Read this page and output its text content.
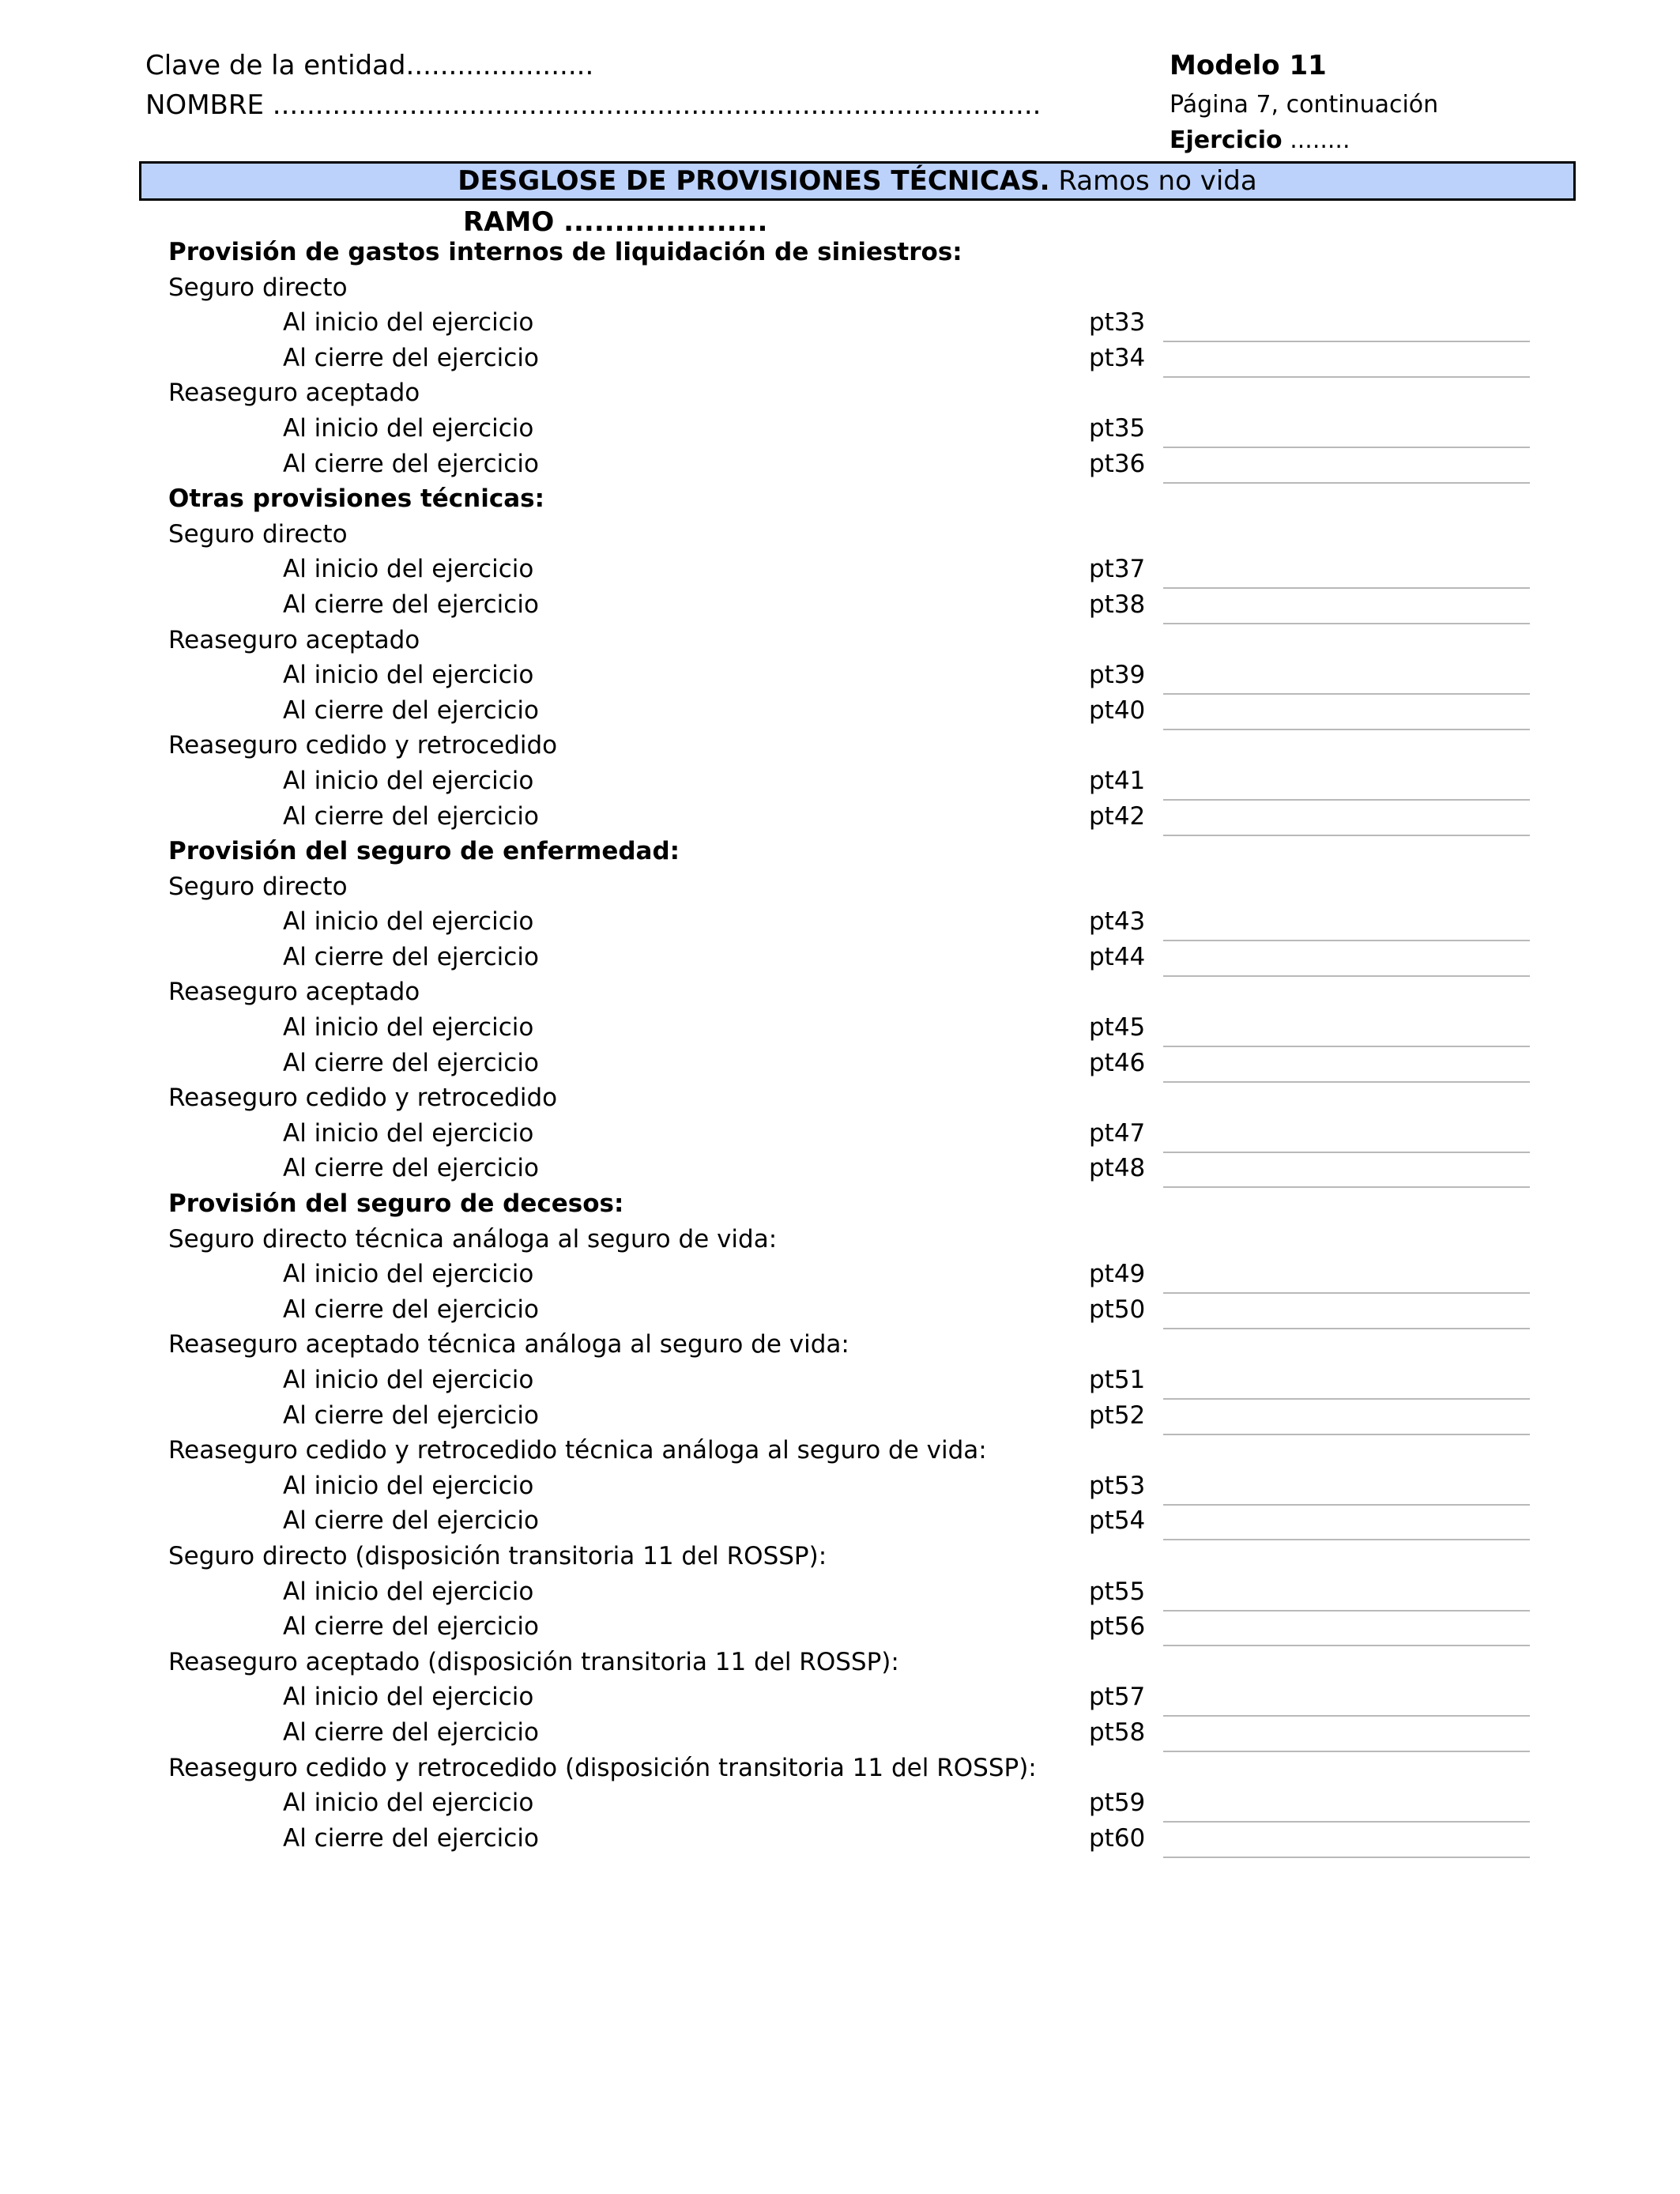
Clave de la entidad......................
NOMBRE ..........................................................................................
Modelo 11
Página 7, continuación
Ejercicio ........
DESGLOSE DE PROVISIONES TÉCNICAS. Ramos no vida
RAMO ....................
Provisión de gastos internos de liquidación de siniestros:
Seguro directo
Al inicio del ejercicio	pt33
Al cierre del ejercicio	pt34
Reaseguro aceptado
Al inicio del ejercicio	pt35
Al cierre del ejercicio	pt36
Otras provisiones técnicas:
Seguro directo
Al inicio del ejercicio	pt37
Al cierre del ejercicio	pt38
Reaseguro aceptado
Al inicio del ejercicio	pt39
Al cierre del ejercicio	pt40
Reaseguro cedido y retrocedido
Al inicio del ejercicio	pt41
Al cierre del ejercicio	pt42
Provisión del seguro de enfermedad:
Seguro directo
Al inicio del ejercicio	pt43
Al cierre del ejercicio	pt44
Reaseguro aceptado
Al inicio del ejercicio	pt45
Al cierre del ejercicio	pt46
Reaseguro cedido y retrocedido
Al inicio del ejercicio	pt47
Al cierre del ejercicio	pt48
Provisión del seguro de decesos:
Seguro directo técnica análoga al seguro de vida:
Al inicio del ejercicio	pt49
Al cierre del ejercicio	pt50
Reaseguro aceptado técnica análoga al seguro de vida:
Al inicio del ejercicio	pt51
Al cierre del ejercicio	pt52
Reaseguro cedido y retrocedido técnica análoga al seguro de vida:
Al inicio del ejercicio	pt53
Al cierre del ejercicio	pt54
Seguro directo (disposición transitoria 11 del ROSSP):
Al inicio del ejercicio	pt55
Al cierre del ejercicio	pt56
Reaseguro aceptado (disposición transitoria 11 del ROSSP):
Al inicio del ejercicio	pt57
Al cierre del ejercicio	pt58
Reaseguro cedido y retrocedido (disposición transitoria 11 del ROSSP):
Al inicio del ejercicio	pt59
Al cierre del ejercicio	pt60
